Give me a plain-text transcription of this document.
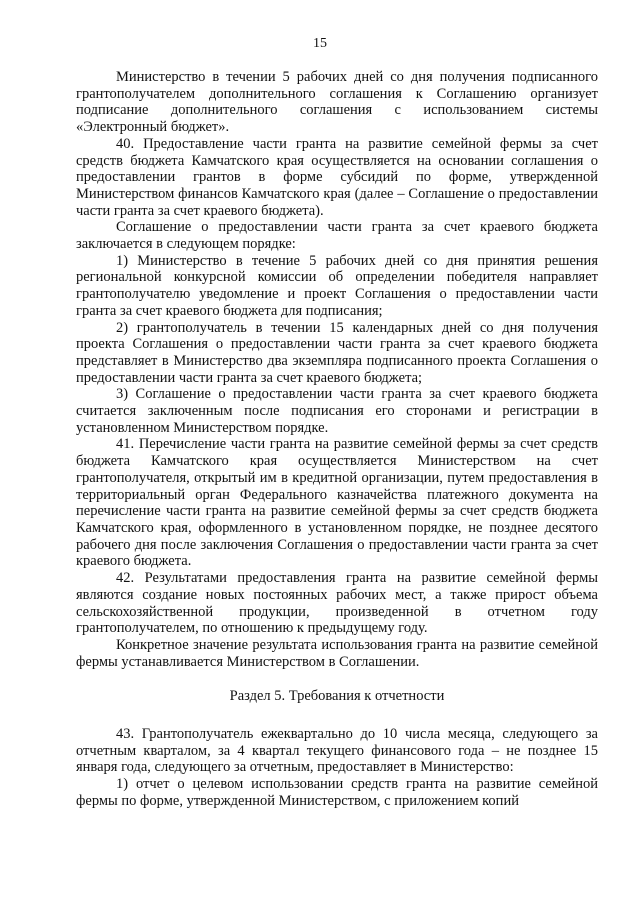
15

Министерство в течении 5 рабочих дней со дня получения подписанного грантополучателем дополнительного соглашения к Соглашению организует подписание дополнительного соглашения с использованием системы «Электронный бюджет».

40. Предоставление части гранта на развитие семейной фермы за счет средств бюджета Камчатского края осуществляется на основании соглашения о предоставлении грантов в форме субсидий по форме, утвержденной Министерством финансов Камчатского края (далее – Соглашение о предоставлении части гранта за счет краевого бюджета).

Соглашение о предоставлении части гранта за счет краевого бюджета заключается в следующем порядке:

1) Министерство в течение 5 рабочих дней со дня принятия решения региональной конкурсной комиссии об определении победителя направляет грантополучателю уведомление и проект Соглашения о предоставлении части гранта за счет краевого бюджета для подписания;

2) грантополучатель в течении 15 календарных дней со дня получения проекта Соглашения о предоставлении части гранта за счет краевого бюджета представляет в Министерство два экземпляра подписанного проекта Соглашения о предоставлении части гранта за счет краевого бюджета;

3) Соглашение о предоставлении части гранта за счет краевого бюджета считается заключенным после подписания его сторонами и регистрации в установленном Министерством порядке.

41. Перечисление части гранта на развитие семейной фермы за счет средств бюджета Камчатского края осуществляется Министерством на счет грантополучателя, открытый им в кредитной организации, путем предоставления в территориальный орган Федерального казначейства платежного документа на перечисление части гранта на развитие семейной фермы за счет средств бюджета Камчатского края, оформленного в установленном порядке, не позднее десятого рабочего дня после заключения Соглашения о предоставлении части гранта за счет краевого бюджета.

42. Результатами предоставления гранта на развитие семейной фермы являются создание новых постоянных рабочих мест, а также прирост объема сельскохозяйственной продукции, произведенной в отчетном году грантополучателем, по отношению к предыдущему году.

Конкретное значение результата использования гранта на развитие семейной фермы устанавливается Министерством в Соглашении.

Раздел 5. Требования к отчетности

43. Грантополучатель ежеквартально до 10 числа месяца, следующего за отчетным кварталом, за 4 квартал текущего финансового года – не позднее 15 января года, следующего за отчетным, предоставляет в Министерство:

1) отчет о целевом использовании средств гранта на развитие семейной фермы по форме, утвержденной Министерством, с приложением копий
